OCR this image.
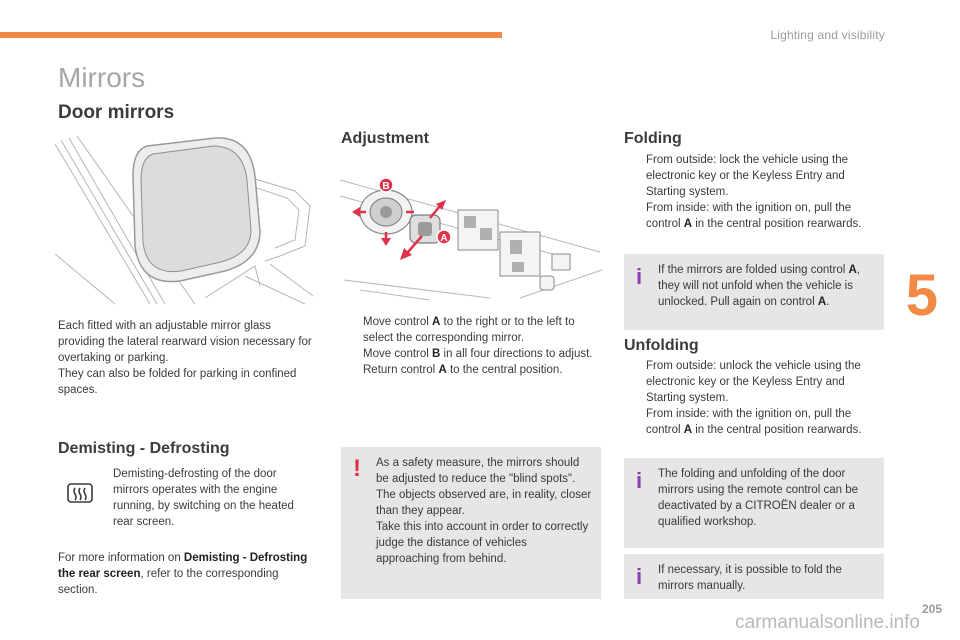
Lighting and visibility
5
Mirrors
Door mirrors
Each fitted with an adjustable mirror glass providing the lateral rearward vision necessary for overtaking or parking.
They can also be folded for parking in confined spaces.
Demisting - Defrosting
Demisting-defrosting of the door mirrors operates with the engine running, by switching on the heated rear screen.
For more information on Demisting - Defrosting the rear screen, refer to the corresponding section.
Adjustment
B
A
Move control A to the right or to the left to select the corresponding mirror.
Move control B in all four directions to adjust.
Return control A to the central position.
! As a safety measure, the mirrors should be adjusted to reduce the "blind spots".
The objects observed are, in reality, closer than they appear.
Take this into account in order to correctly judge the distance of vehicles approaching from behind.
Folding
From outside: lock the vehicle using the electronic key or the Keyless Entry and Starting system.
From inside: with the ignition on, pull the control A in the central position rearwards.
i If the mirrors are folded using control A, they will not unfold when the vehicle is unlocked. Pull again on control A.
Unfolding
From outside: unlock the vehicle using the electronic key or the Keyless Entry and Starting system.
From inside: with the ignition on, pull the control A in the central position rearwards.
i The folding and unfolding of the door mirrors using the remote control can be deactivated by a CITROËN dealer or a qualified workshop.
i If necessary, it is possible to fold the mirrors manually.
205
carmanualsonline.info
